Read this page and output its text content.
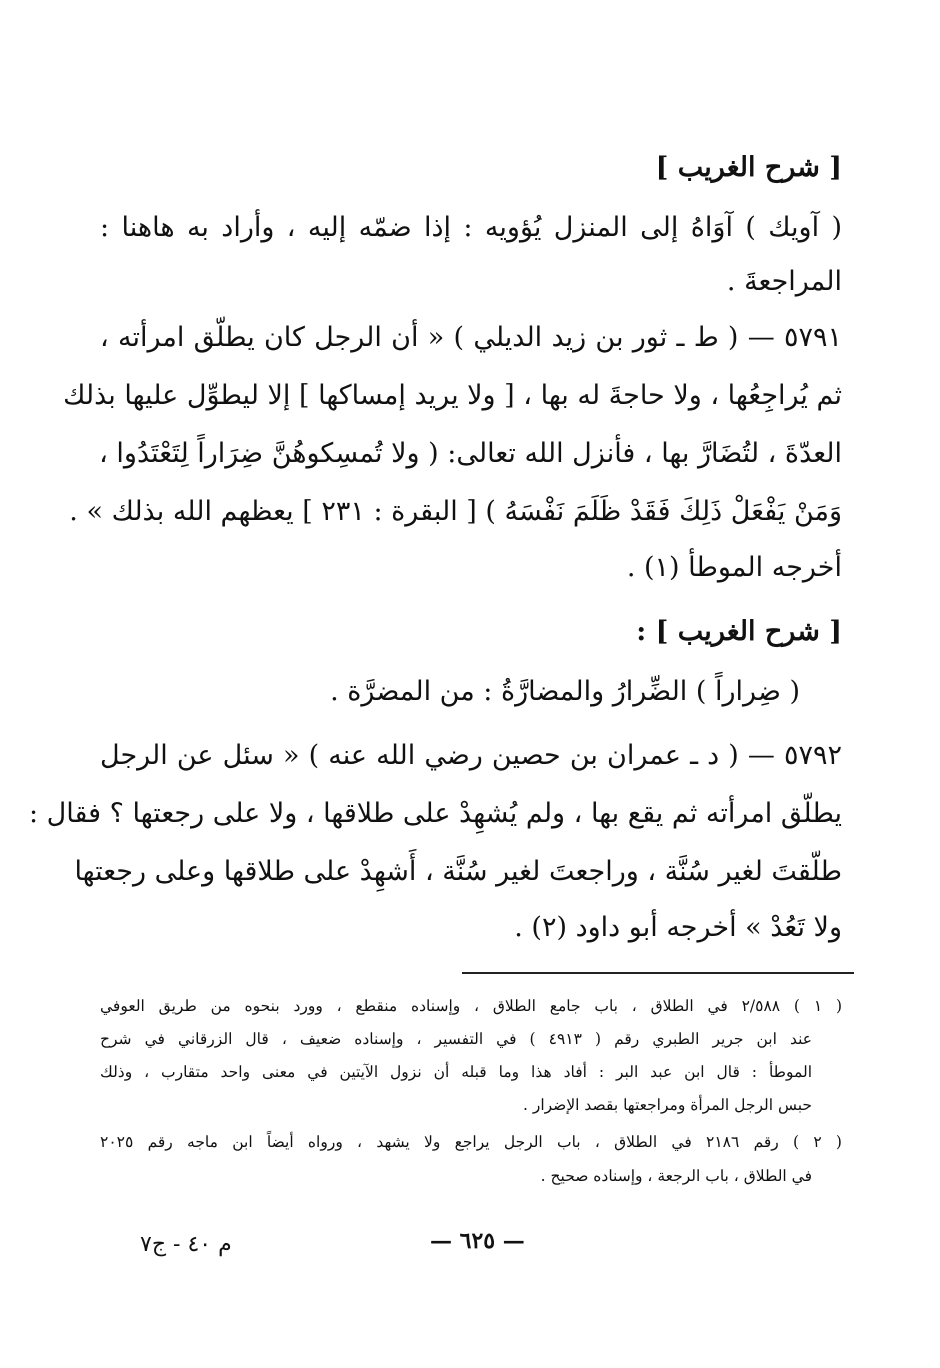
[ شرح الغريب ]
( آويك ) آوَاهُ إلى المنزل يُؤويه : إذا ضمّه إليه ، وأراد به هاهنا :
المراجعةَ .
٥٧٩١ — ( ط ـ ثور بن زيد الديلي ) « أن الرجل كان يطلّق امرأته ،
ثم يُراجِعُها ، ولا حاجةَ له بها ، [ ولا يريد إمساكها ] إلا ليطوِّل عليها بذلك
العدّةَ ، لتُضَارَّ بها ، فأنزل الله تعالى: ( ولا تُمسِكوهُنَّ ضِرَاراً لِتَعْتَدُوا ،
وَمَنْ يَفْعَلْ ذَلِكَ فَقَدْ ظَلَمَ نَفْسَهُ ) [ البقرة : ٢٣١ ] يعظهم الله بذلك » .
أخرجه الموطأ (١) .
[ شرح الغريب ] :
( ضِراراً ) الضِّرارُ والمضارَّةُ : من المضرَّة .
٥٧٩٢ — ( د ـ عمران بن حصين رضي الله عنه ) « سئل عن الرجل
يطلّق امرأته ثم يقع بها ، ولم يُشهِدْ على طلاقها ، ولا على رجعتها ؟ فقال :
طلّقتَ لغير سُنَّة ، وراجعتَ لغير سُنَّة ، أَشهِدْ على طلاقها وعلى رجعتها
ولا تَعُدْ » أخرجه أبو داود (٢) .
( ١ ) ٢/٥٨٨ في الطلاق ، باب جامع الطلاق ، وإسناده منقطع ، وورد بنحوه من طريق العوفي
عند ابن جرير الطبري رقم ( ٤٩١٣ ) في التفسير ، وإسناده ضعيف ، قال الزرقاني في شرح
الموطأ : قال ابن عبد البر : أفاد هذا وما قبله أن نزول الآيتين في معنى واحد متقارب ، وذلك
حبس الرجل المرأة ومراجعتها بقصد الإضرار .
( ٢ ) رقم ٢١٨٦ في الطلاق ، باب الرجل يراجع ولا يشهد ، ورواه أيضاً ابن ماجه رقم ٢٠٢٥
في الطلاق ، باب الرجعة ، وإسناده صحيح .
— ٦٢٥ —
م ٤٠ - ج٧
